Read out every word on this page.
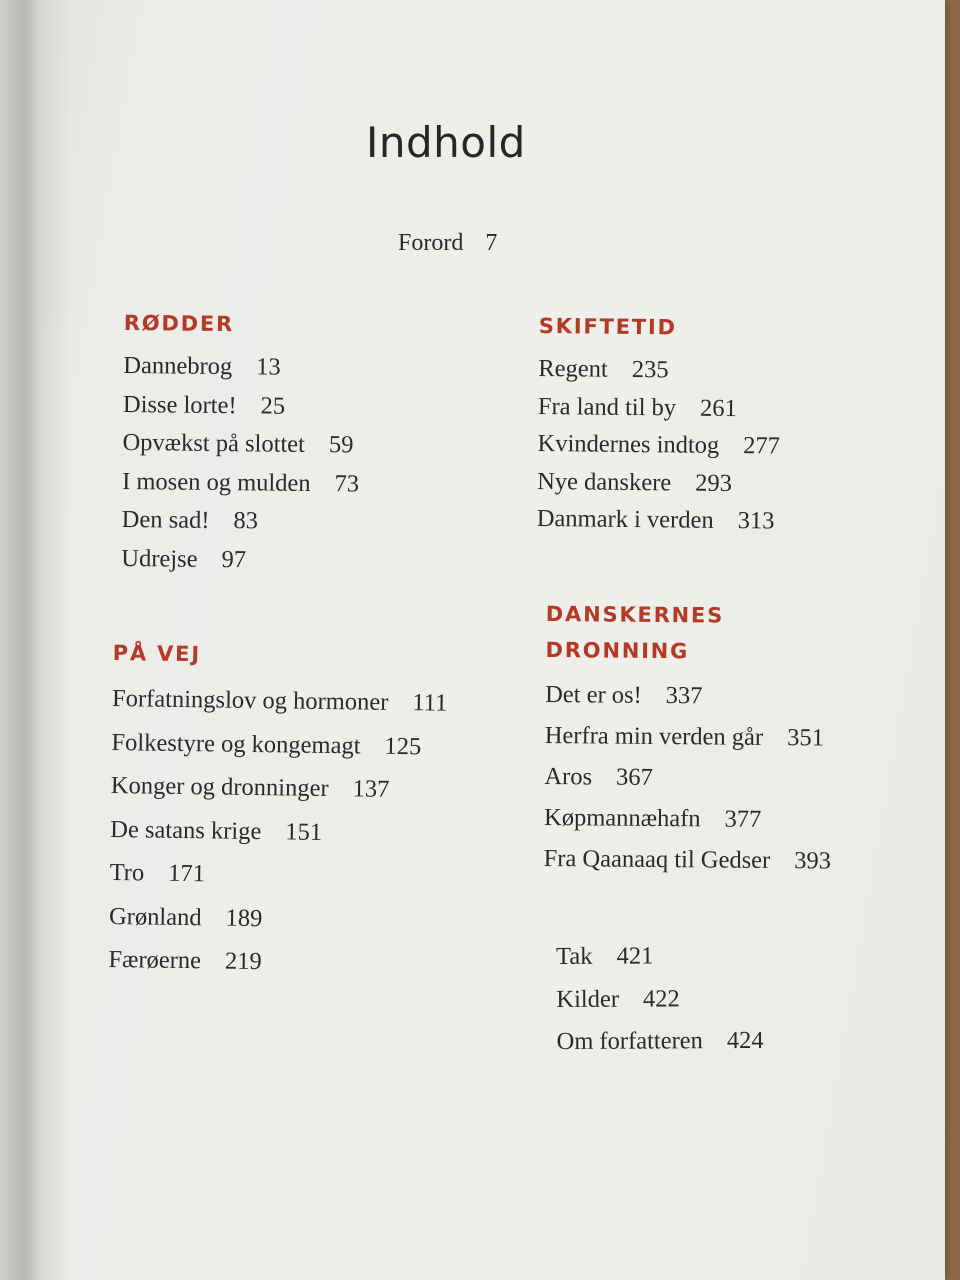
Indhold
Forord 7
RØDDER
Dannebrog 13
Disse lorte! 25
Opvækst på slottet 59
I mosen og mulden 73
Den sad! 83
Udrejse 97
PÅ VEJ
Forfatningslov og hormoner 111
Folkestyre og kongemagt 125
Konger og dronninger 137
De satans krige 151
Tro 171
Grønland 189
Færøerne 219
SKIFTETID
Regent 235
Fra land til by 261
Kvindernes indtog 277
Nye danskere 293
Danmark i verden 313
DANSKERNES
DRONNING
Det er os! 337
Herfra min verden går 351
Aros 367
Køpmannæhafn 377
Fra Qaanaaq til Gedser 393
Tak 421
Kilder 422
Om forfatteren 424
